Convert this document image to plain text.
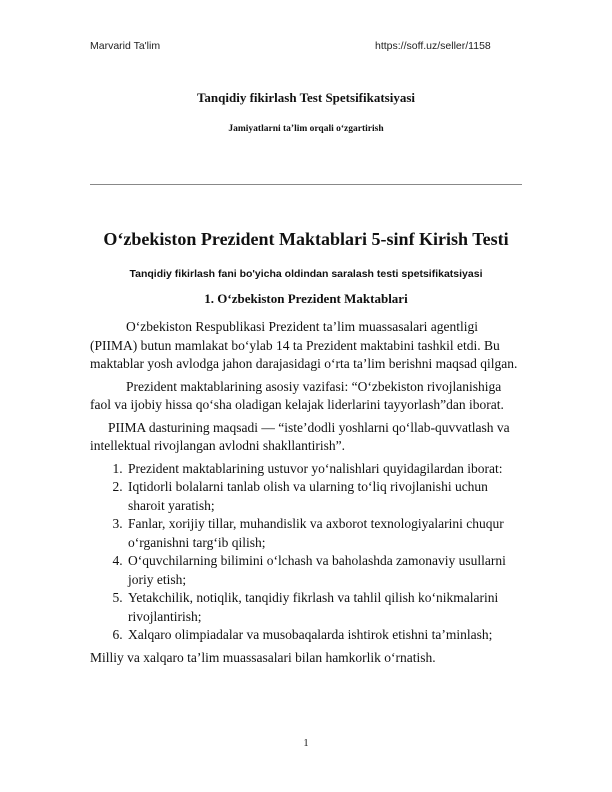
Marvarid Ta'lim	https://soff.uz/seller/1158
Tanqidiy fikirlash Test Spetsifikatsiyasi
Jamiyatlarni ta’lim orqali o‘zgartirish
O‘zbekiston Prezident Maktablari 5-sinf Kirish Testi
Tanqidiy fikirlash fani bo'yicha oldindan saralash testi spetsifikatsiyasi
1. O‘zbekiston Prezident Maktablari

O‘zbekiston Respublikasi Prezident ta’lim muassasalari agentligi (PIIMA) butun mamlakat bo‘ylab 14 ta Prezident maktabini tashkil etdi. Bu maktablar yosh avlodga jahon darajasidagi o‘rta ta’lim berishni maqsad qilgan.

Prezident maktablarining asosiy vazifasi: “O‘zbekiston rivojlanishiga faol va ijobiy hissa qo‘sha oladigan kelajak liderlarini tayyorlash”dan iborat.

PIIMA dasturining maqsadi — “iste’dodli yoshlarni qo‘llab-quvvatlash va intellektual rivojlangan avlodni shakllantirish”.

1. Prezident maktablarining ustuvor yo‘nalishlari quyidagilardan iborat:
2. Iqtidorli bolalarni tanlab olish va ularning to‘liq rivojlanishi uchun sharoit yaratish;
3. Fanlar, xorijiy tillar, muhandislik va axborot texnologiyalarini chuqur o‘rganishni targ‘ib qilish;
4. O‘quvchilarning bilimini o‘lchash va baholashda zamonaviy usullarni joriy etish;
5. Yetakchilik, notiqlik, tanqidiy fikrlash va tahlil qilish ko‘nikmalarini rivojlantirish;
6. Xalqaro olimpiadalar va musobaqalarda ishtirok etishni ta’minlash;

Milliy va xalqaro ta’lim muassasalari bilan hamkorlik o‘rnatish.

1
